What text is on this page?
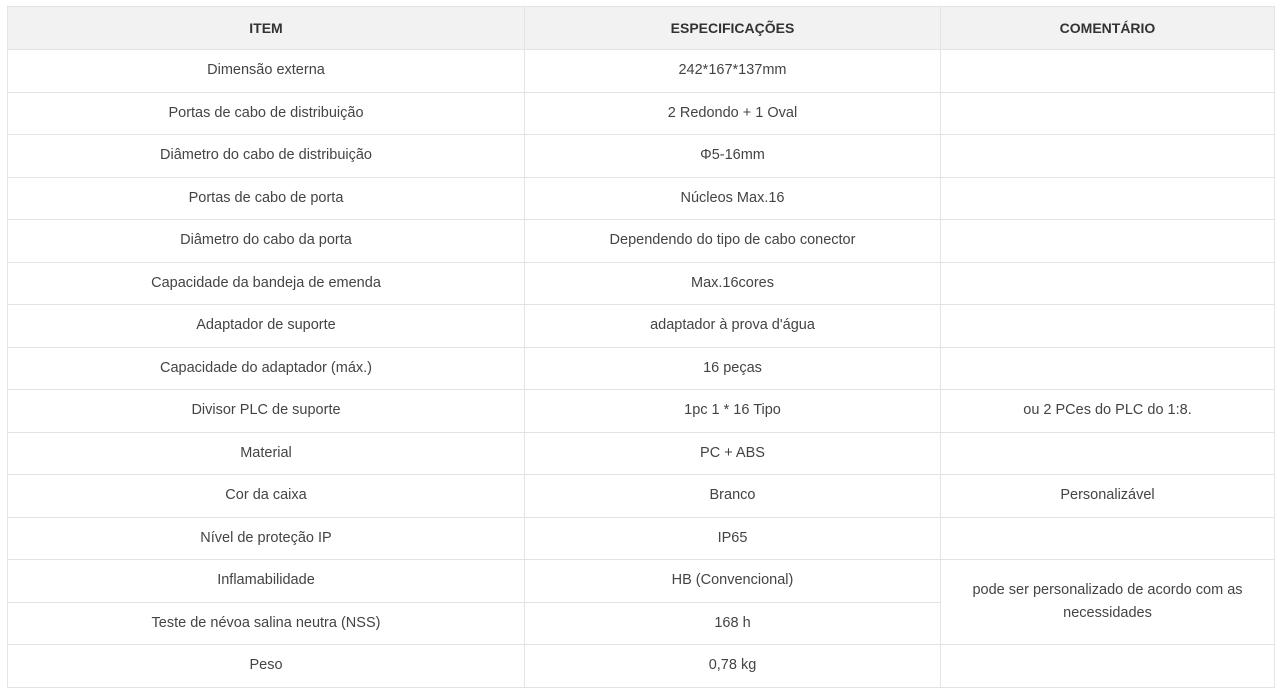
ITEM	ESPECIFICAÇÕES	COMENTÁRIO
Dimensão externa	242*167*137mm	
Portas de cabo de distribuição	2 Redondo + 1 Oval	
Diâmetro do cabo de distribuição	Φ5-16mm	
Portas de cabo de porta	Núcleos Max.16	
Diâmetro do cabo da porta	Dependendo do tipo de cabo conector	
Capacidade da bandeja de emenda	Max.16cores	
Adaptador de suporte	adaptador à prova d'água	
Capacidade do adaptador (máx.)	16 peças	
Divisor PLC de suporte	1pc 1 * 16 Tipo	ou 2 PCes do PLC do 1:8.
Material	PC + ABS	
Cor da caixa	Branco	Personalizável
Nível de proteção IP	IP65	
Inflamabilidade	HB (Convencional)	pode ser personalizado de acordo com as necessidades
Teste de névoa salina neutra (NSS)	168 h	
Peso	0,78 kg	
